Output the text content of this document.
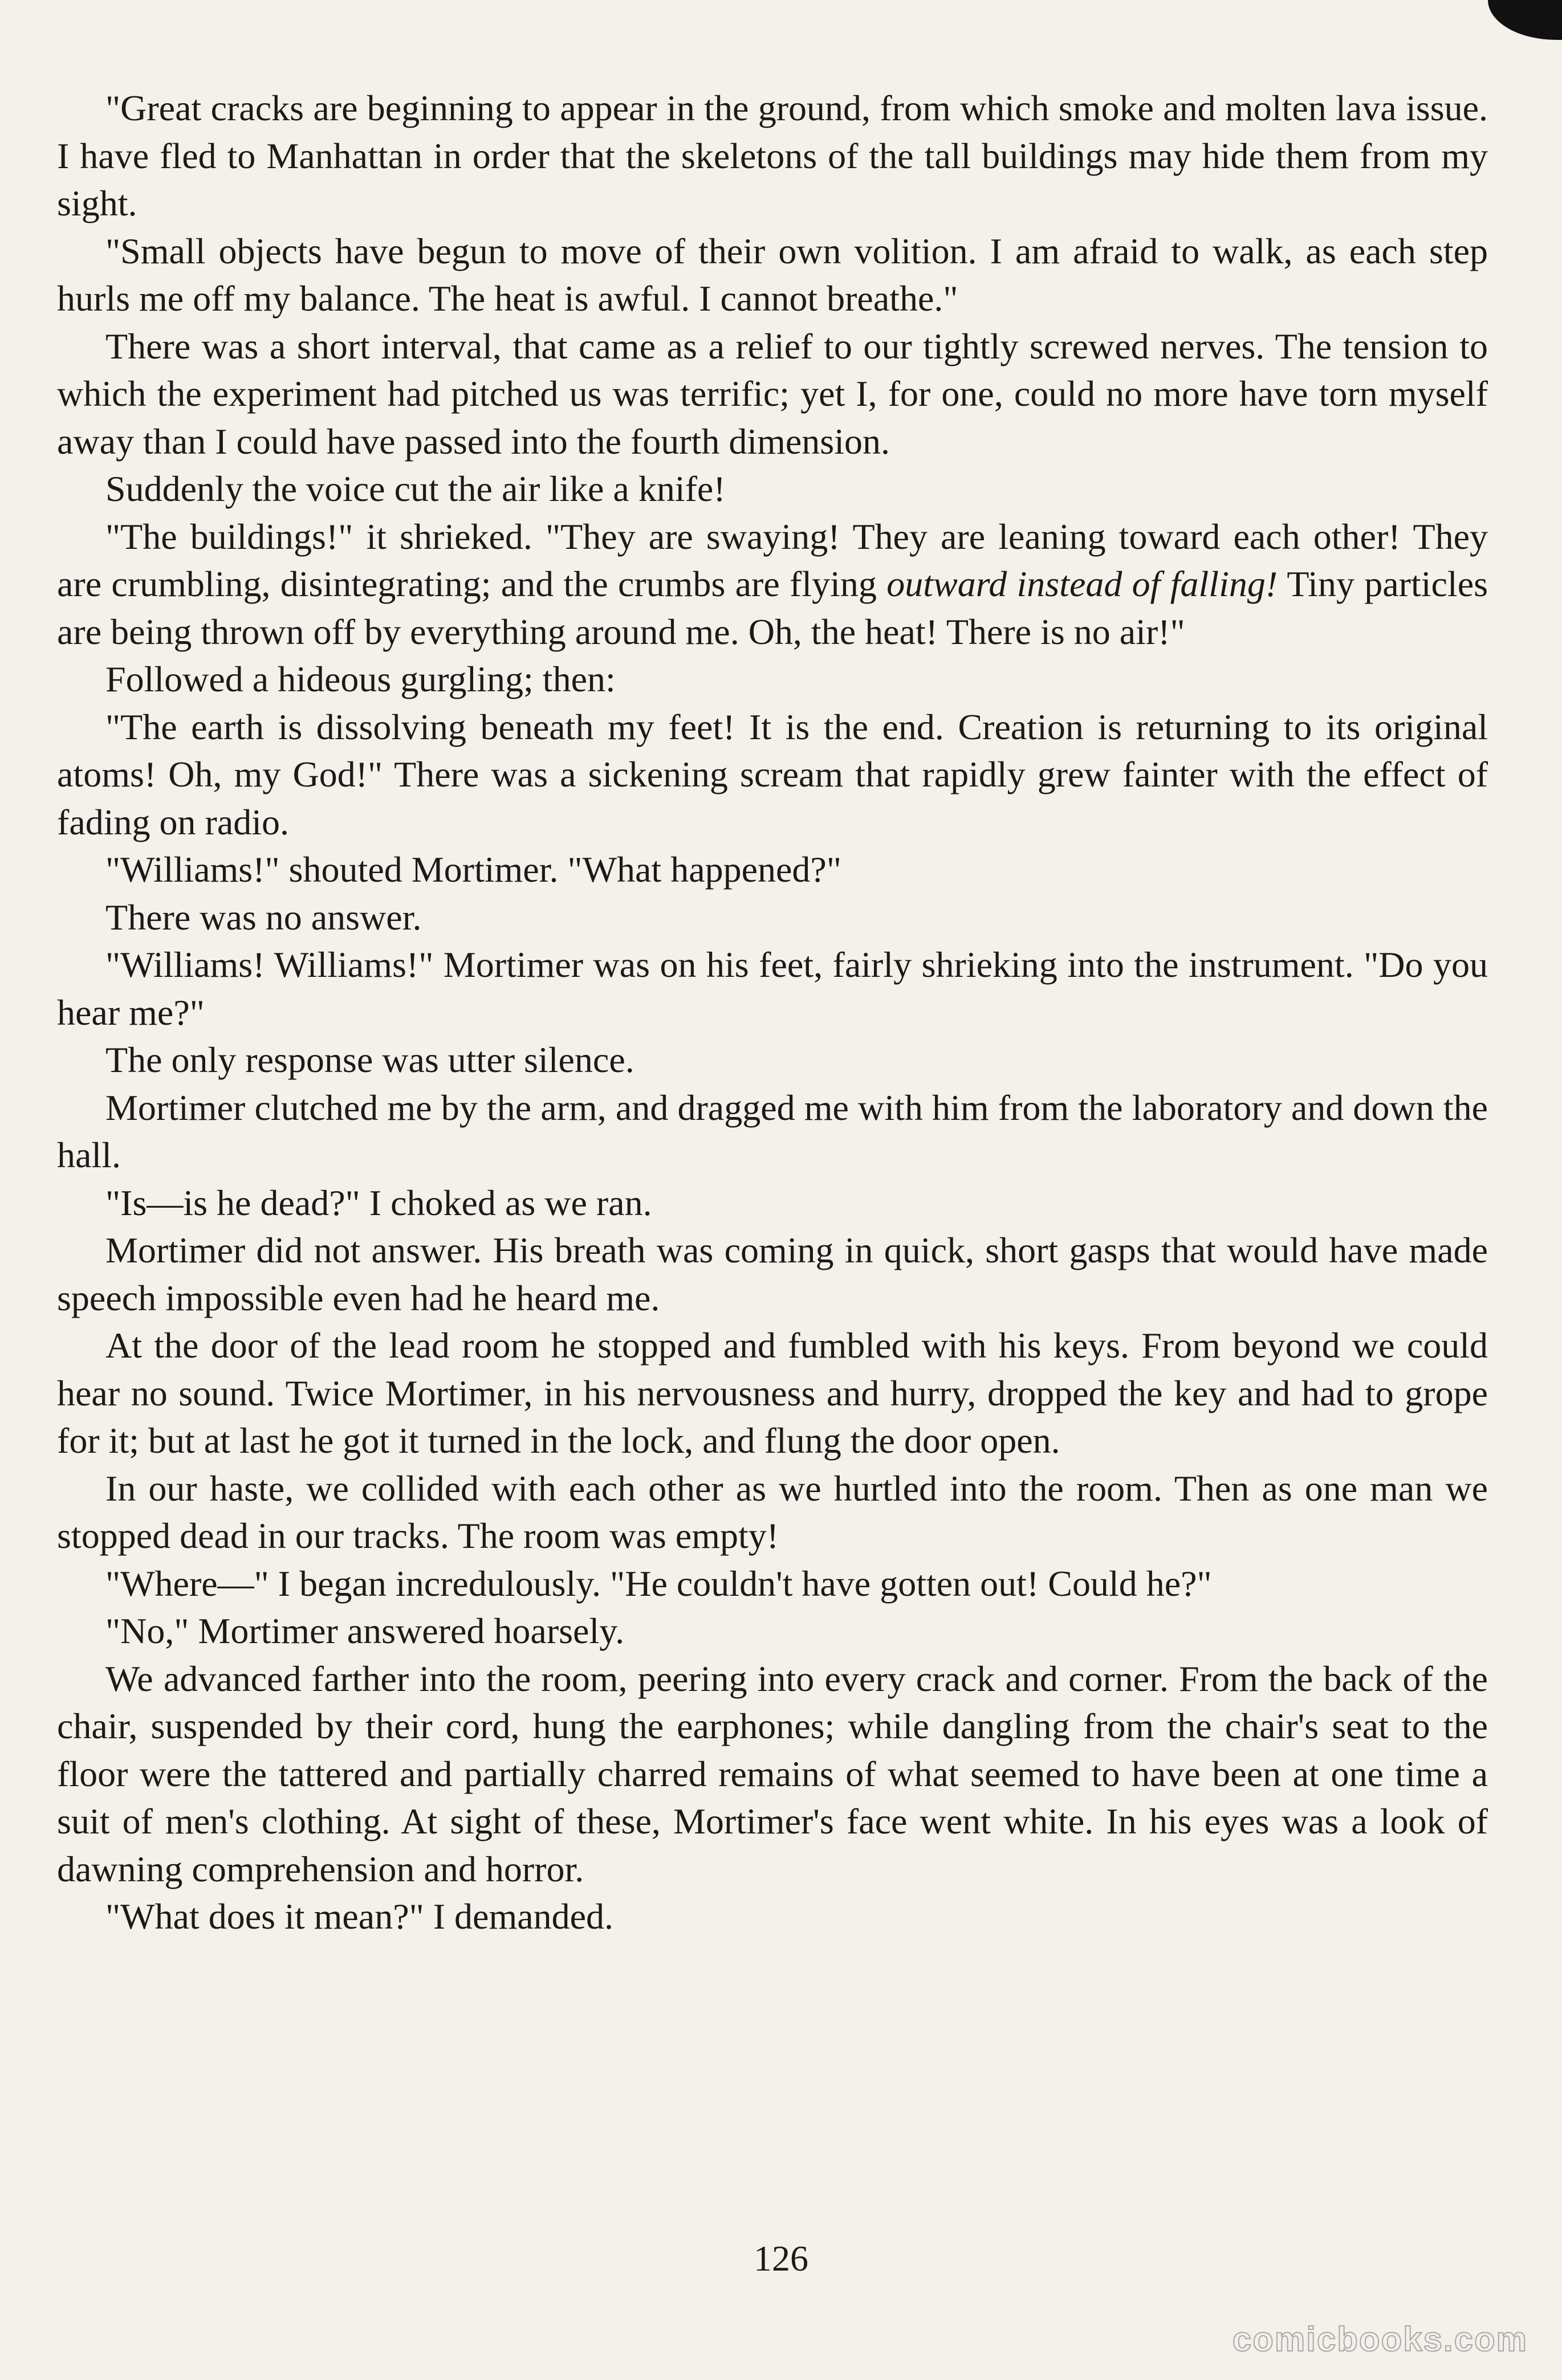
"Great cracks are beginning to appear in the ground, from which smoke and molten lava issue. I have fled to Manhattan in order that the skeletons of the tall buildings may hide them from my sight.

"Small objects have begun to move of their own volition. I am afraid to walk, as each step hurls me off my balance. The heat is awful. I cannot breathe."

There was a short interval, that came as a relief to our tightly screwed nerves. The tension to which the experiment had pitched us was terrific; yet I, for one, could no more have torn myself away than I could have passed into the fourth dimension.

Suddenly the voice cut the air like a knife!

"The buildings!" it shrieked. "They are swaying! They are leaning toward each other! They are crumbling, disintegrating; and the crumbs are flying outward instead of falling! Tiny particles are being thrown off by everything around me. Oh, the heat! There is no air!"

Followed a hideous gurgling; then:

"The earth is dissolving beneath my feet! It is the end. Creation is returning to its original atoms! Oh, my God!" There was a sickening scream that rapidly grew fainter with the effect of fading on radio.

"Williams!" shouted Mortimer. "What happened?"

There was no answer.

"Williams! Williams!" Mortimer was on his feet, fairly shrieking into the instrument. "Do you hear me?"

The only response was utter silence.

Mortimer clutched me by the arm, and dragged me with him from the laboratory and down the hall.

"Is—is he dead?" I choked as we ran.

Mortimer did not answer. His breath was coming in quick, short gasps that would have made speech impossible even had he heard me.

At the door of the lead room he stopped and fumbled with his keys. From beyond we could hear no sound. Twice Mortimer, in his nervousness and hurry, dropped the key and had to grope for it; but at last he got it turned in the lock, and flung the door open.

In our haste, we collided with each other as we hurtled into the room. Then as one man we stopped dead in our tracks. The room was empty!

"Where—" I began incredulously. "He couldn't have gotten out! Could he?"

"No," Mortimer answered hoarsely.

We advanced farther into the room, peering into every crack and corner. From the back of the chair, suspended by their cord, hung the earphones; while dangling from the chair's seat to the floor were the tattered and partially charred remains of what seemed to have been at one time a suit of men's clothing. At sight of these, Mortimer's face went white. In his eyes was a look of dawning comprehension and horror.

"What does it mean?" I demanded.

126
comicbooks.com
